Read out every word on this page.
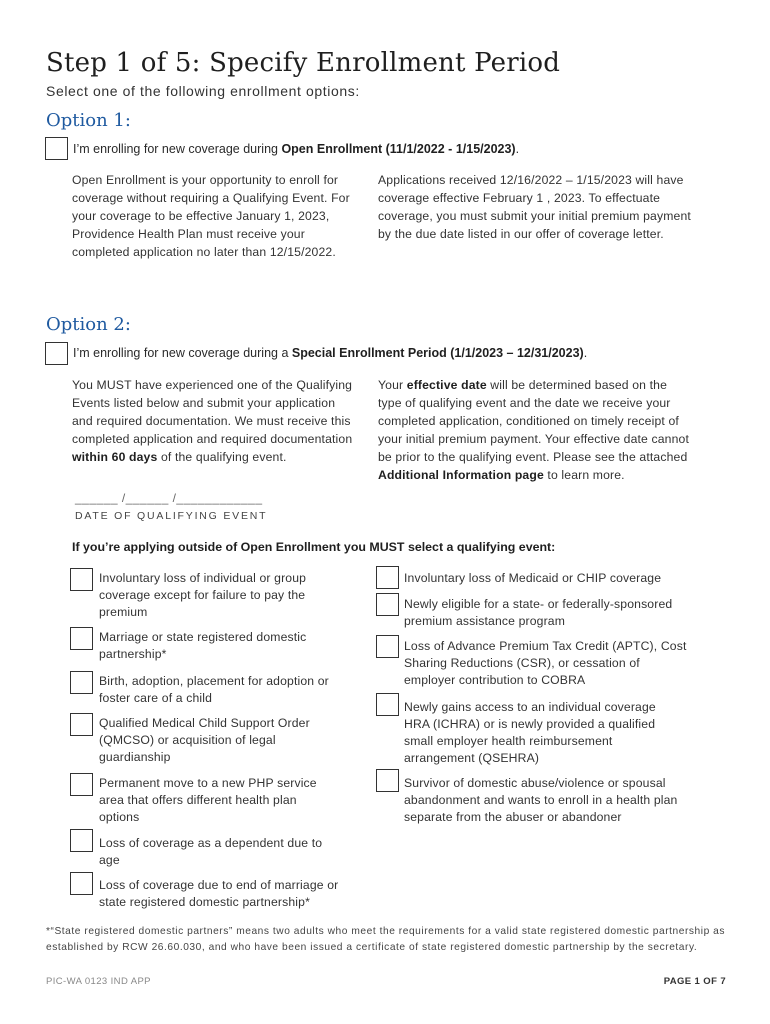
Step 1 of 5: Specify Enrollment Period
Select one of the following enrollment options:
Option 1:
I’m enrolling for new coverage during Open Enrollment (11/1/2022 - 1/15/2023).
Open Enrollment is your opportunity to enroll for coverage without requiring a Qualifying Event. For your coverage to be effective January 1, 2023, Providence Health Plan must receive your completed application no later than 12/15/2022.
Applications received 12/16/2022 – 1/15/2023 will have coverage effective February 1 , 2023. To effectuate coverage, you must submit your initial premium payment by the due date listed in our offer of coverage letter.
Option 2:
I’m enrolling for new coverage during a Special Enrollment Period (1/1/2023 – 12/31/2023).
You MUST have experienced one of the Qualifying Events listed below and submit your application and required documentation. We must receive this completed application and required documentation within 60 days of the qualifying event.
Your effective date will be determined based on the type of qualifying event and the date we receive your completed application, conditioned on timely receipt of your initial premium payment. Your effective date cannot be prior to the qualifying event. Please see the attached Additional Information page to learn more.
______ /______ /____________
DATE OF QUALIFYING EVENT
If you’re applying outside of Open Enrollment you MUST select a qualifying event:
Involuntary loss of individual or group coverage except for failure to pay the premium
Marriage or state registered domestic partnership*
Birth, adoption, placement for adoption or foster care of a child
Qualified Medical Child Support Order (QMCSO) or acquisition of legal guardianship
Permanent move to a new PHP service area that offers different health plan options
Loss of coverage as a dependent due to age
Loss of coverage due to end of marriage or state registered domestic partnership*
Involuntary loss of Medicaid or CHIP coverage
Newly eligible for a state- or federally-sponsored premium assistance program
Loss of Advance Premium Tax Credit (APTC), Cost Sharing Reductions (CSR), or cessation of employer contribution to COBRA
Newly gains access to an individual coverage HRA (ICHRA) or is newly provided a qualified small employer health reimbursement arrangement (QSEHRA)
Survivor of domestic abuse/violence or spousal abandonment and wants to enroll in a health plan separate from the abuser or abandoner
*“State registered domestic partners” means two adults who meet the requirements for a valid state registered domestic partnership as established by RCW 26.60.030, and who have been issued a certificate of state registered domestic partnership by the secretary.
PIC-WA 0123 IND APP	PAGE 1 OF 7
